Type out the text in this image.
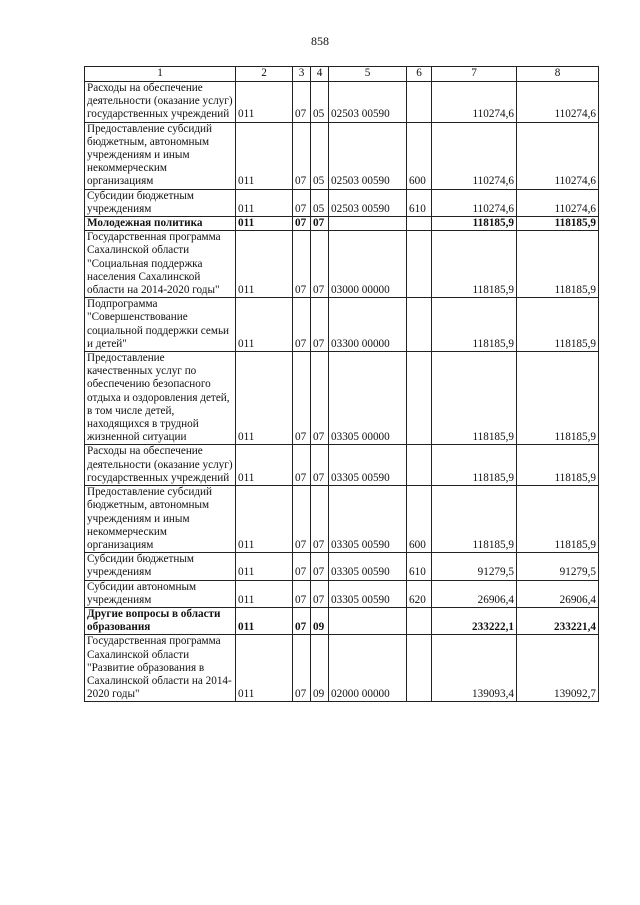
858
1	2	3	4	5	6	7	8
Расходы на обеспечение деятельности (оказание услуг) государственных учреждений	011	07	05	02503 00590		110274,6	110274,6
Предоставление субсидий бюджетным, автономным учреждениям и иным некоммерческим организациям	011	07	05	02503 00590	600	110274,6	110274,6
Субсидии бюджетным учреждениям	011	07	05	02503 00590	610	110274,6	110274,6
Молодежная политика	011	07	07			118185,9	118185,9
Государственная программа Сахалинской области "Социальная поддержка населения Сахалинской области на 2014-2020 годы"	011	07	07	03000 00000		118185,9	118185,9
Подпрограмма "Совершенствование социальной поддержки семьи и детей"	011	07	07	03300 00000		118185,9	118185,9
Предоставление качественных услуг по обеспечению безопасного отдыха и оздоровления детей, в том числе детей, находящихся в трудной жизненной ситуации	011	07	07	03305 00000		118185,9	118185,9
Расходы на обеспечение деятельности (оказание услуг) государственных учреждений	011	07	07	03305 00590		118185,9	118185,9
Предоставление субсидий бюджетным, автономным учреждениям и иным некоммерческим организациям	011	07	07	03305 00590	600	118185,9	118185,9
Субсидии бюджетным учреждениям	011	07	07	03305 00590	610	91279,5	91279,5
Субсидии автономным учреждениям	011	07	07	03305 00590	620	26906,4	26906,4
Другие вопросы в области образования	011	07	09			233222,1	233221,4
Государственная программа Сахалинской области "Развитие образования в Сахалинской области на 2014-2020 годы"	011	07	09	02000 00000		139093,4	139092,7
